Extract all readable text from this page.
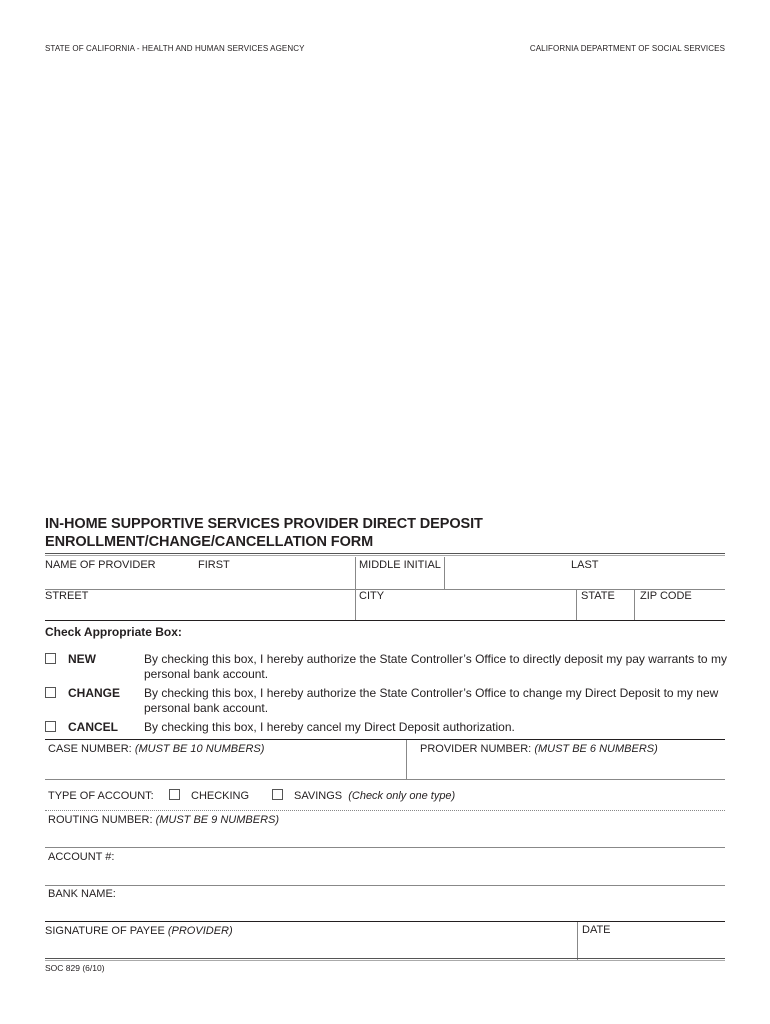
STATE OF CALIFORNIA - HEALTH AND HUMAN SERVICES AGENCY	CALIFORNIA DEPARTMENT OF SOCIAL SERVICES
IN-HOME SUPPORTIVE SERVICES PROVIDER DIRECT DEPOSIT
ENROLLMENT/CHANGE/CANCELLATION FORM
NAME OF PROVIDER	FIRST	MIDDLE INITIAL	LAST
STREET	CITY	STATE ZIP CODE
Check Appropriate Box:
NEW	By checking this box, I hereby authorize the State Controller’s Office to directly deposit my pay warrants to my personal bank account.
CHANGE By checking this box, I hereby authorize the State Controller’s Office to change my Direct Deposit to my new personal bank account.
CANCEL By checking this box, I hereby cancel my Direct Deposit authorization.
CASE NUMBER: (MUST BE 10 NUMBERS)	PROVIDER NUMBER: (MUST BE 6 NUMBERS)
TYPE OF ACCOUNT:	CHECKING	SAVINGS (Check only one type)
ROUTING NUMBER: (MUST BE 9 NUMBERS)
ACCOUNT #:
BANK NAME:
SIGNATURE OF PAYEE (PROVIDER)	DATE
SOC 829 (6/10)
